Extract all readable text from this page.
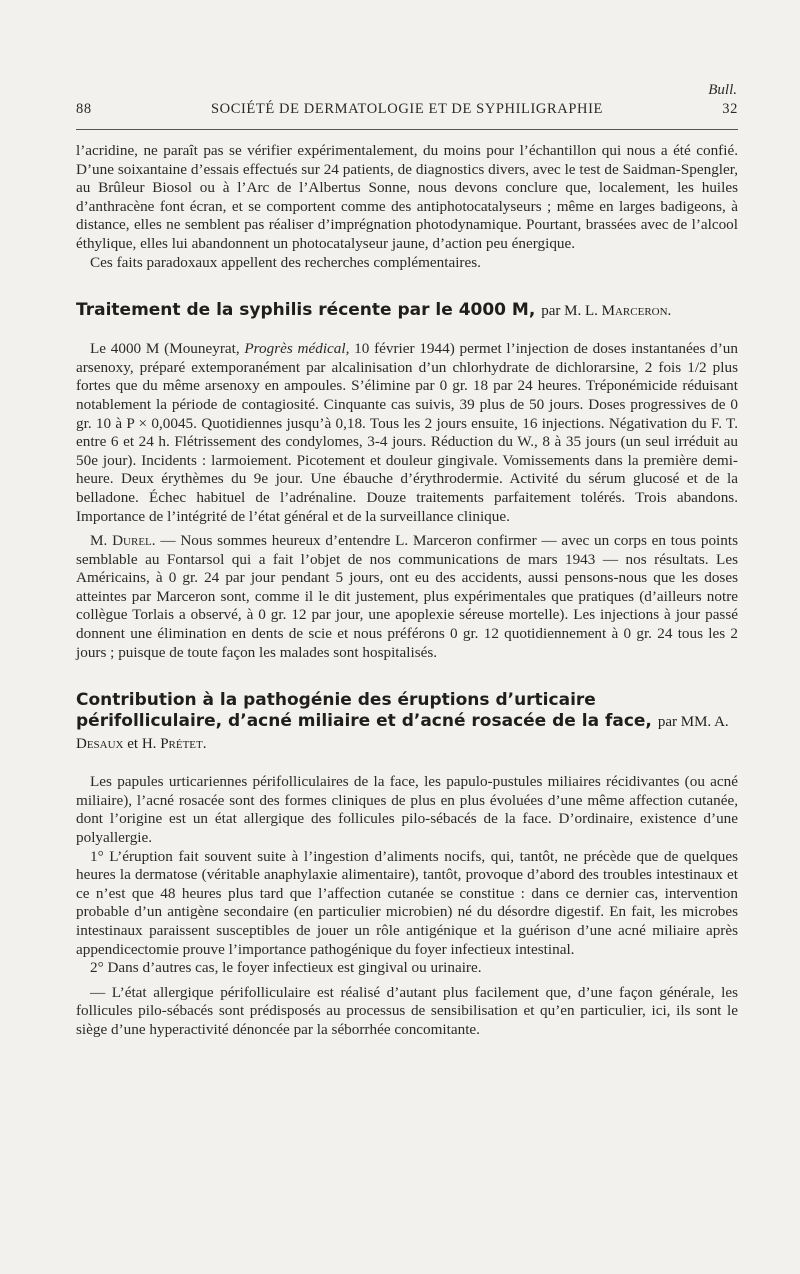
Bull.
88	SOCIÉTÉ DE DERMATOLOGIE ET DE SYPHILIGRAPHIE	32

l’acridine, ne paraît pas se vérifier expérimentalement, du moins pour l’échantillon qui nous a été confié. D’une soixantaine d’essais effectués sur 24 patients, de diagnostics divers, avec le test de Saidman-Spengler, au Brûleur Biosol ou à l’Arc de l’Albertus Sonne, nous devons conclure que, localement, les huiles d’anthracène font écran, et se comportent comme des antiphotocatalyseurs ; même en larges badigeons, à distance, elles ne semblent pas réaliser d’imprégnation photodynamique. Pourtant, brassées avec de l’alcool éthylique, elles lui abandonnent un photocatalyseur jaune, d’action peu énergique.

Ces faits paradoxaux appellent des recherches complémentaires.

Traitement de la syphilis récente par le 4000 M, par M. L. Marceron.

Le 4000 M (Mouneyrat, Progrès médical, 10 février 1944) permet l’injection de doses instantanées d’un arsenoxy, préparé extemporanément par alcalinisation d’un chlorhydrate de dichlorarsine, 2 fois 1/2 plus fortes que du même arsenoxy en ampoules. S’élimine par 0 gr. 18 par 24 heures. Tréponémicide réduisant notablement la période de contagiosité. Cinquante cas suivis, 39 plus de 50 jours. Doses progressives de 0 gr. 10 à P × 0,0045. Quotidiennes jusqu’à 0,18. Tous les 2 jours ensuite, 16 injections. Négativation du F. T. entre 6 et 24 h. Flétrissement des condylomes, 3-4 jours. Réduction du W., 8 à 35 jours (un seul irréduit au 50e jour). Incidents : larmoiement. Picotement et douleur gingivale. Vomissements dans la première demi-heure. Deux érythèmes du 9e jour. Une ébauche d’érythrodermie. Activité du sérum glucosé et de la belladone. Échec habituel de l’adrénaline. Douze traitements parfaitement tolérés. Trois abandons. Importance de l’intégrité de l’état général et de la surveillance clinique.

M. Durel. — Nous sommes heureux d’entendre L. Marceron confirmer — avec un corps en tous points semblable au Fontarsol qui a fait l’objet de nos communications de mars 1943 — nos résultats. Les Américains, à 0 gr. 24 par jour pendant 5 jours, ont eu des accidents, aussi pensons-nous que les doses atteintes par Marceron sont, comme il le dit justement, plus expérimentales que pratiques (d’ailleurs notre collègue Torlais a observé, à 0 gr. 12 par jour, une apoplexie séreuse mortelle). Les injections à jour passé donnent une élimination en dents de scie et nous préférons 0 gr. 12 quotidiennement à 0 gr. 24 tous les 2 jours ; puisque de toute façon les malades sont hospitalisés.

Contribution à la pathogénie des éruptions d’urticaire périfolliculaire, d’acné miliaire et d’acné rosacée de la face, par MM. A. Desaux et H. Prétet.

Les papules urticariennes périfolliculaires de la face, les papulo-pustules miliaires récidivantes (ou acné miliaire), l’acné rosacée sont des formes cliniques de plus en plus évoluées d’une même affection cutanée, dont l’origine est un état allergique des follicules pilo-sébacés de la face. D’ordinaire, existence d’une polyallergie.

1° L’éruption fait souvent suite à l’ingestion d’aliments nocifs, qui, tantôt, ne précède que de quelques heures la dermatose (véritable anaphylaxie alimentaire), tantôt, provoque d’abord des troubles intestinaux et ce n’est que 48 heures plus tard que l’affection cutanée se constitue : dans ce dernier cas, intervention probable d’un antigène secondaire (en particulier microbien) né du désordre digestif. En fait, les microbes intestinaux paraissent susceptibles de jouer un rôle antigénique et la guérison d’une acné miliaire après appendicectomie prouve l’importance pathogénique du foyer infectieux intestinal.

2° Dans d’autres cas, le foyer infectieux est gingival ou urinaire.

— L’état allergique périfolliculaire est réalisé d’autant plus facilement que, d’une façon générale, les follicules pilo-sébacés sont prédisposés au processus de sensibilisation et qu’en particulier, ici, ils sont le siège d’une hyperactivité dénoncée par la séborrhée concomitante.
